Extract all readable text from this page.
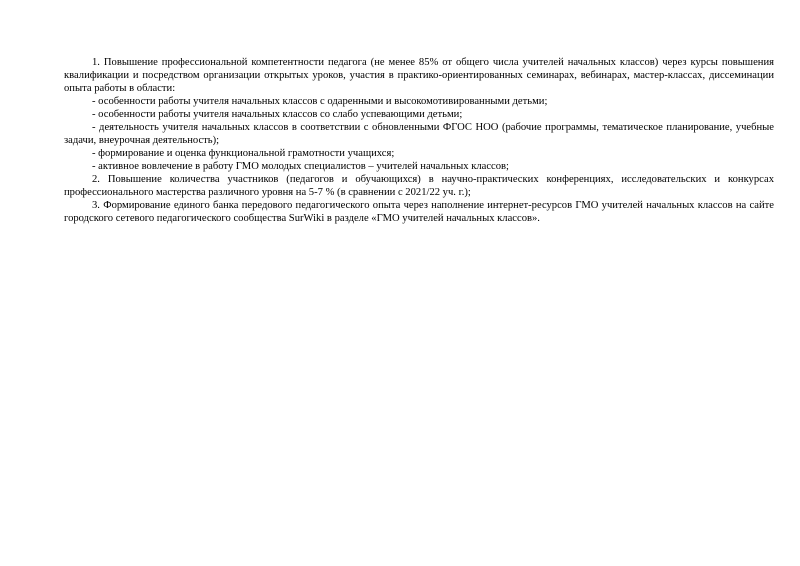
1. Повышение профессиональной компетентности педагога (не менее 85% от общего числа учителей начальных классов) через курсы повышения квалификации и посредством организации открытых уроков, участия в практико-ориентированных семинарах, вебинарах, мастер-классах, диссеминации опыта работы в области:

- особенности работы учителя начальных классов с одаренными и высокомотивированными детьми;

- особенности работы учителя начальных классов со слабо успевающими детьми;

- деятельность учителя начальных классов в соответствии с обновленными ФГОС НОО (рабочие программы, тематическое планирование, учебные задачи, внеурочная деятельность);

- формирование и оценка функциональной грамотности учащихся;

- активное вовлечение в работу ГМО молодых специалистов – учителей начальных классов;

2. Повышение количества участников (педагогов и обучающихся) в научно-практических конференциях, исследовательских и конкурсах профессионального мастерства различного уровня на 5-7 % (в сравнении с 2021/22 уч. г.);

3. Формирование единого банка передового педагогического опыта через наполнение интернет-ресурсов ГМО учителей начальных классов на сайте городского сетевого педагогического сообщества SurWiki в разделе «ГМО учителей начальных классов».
